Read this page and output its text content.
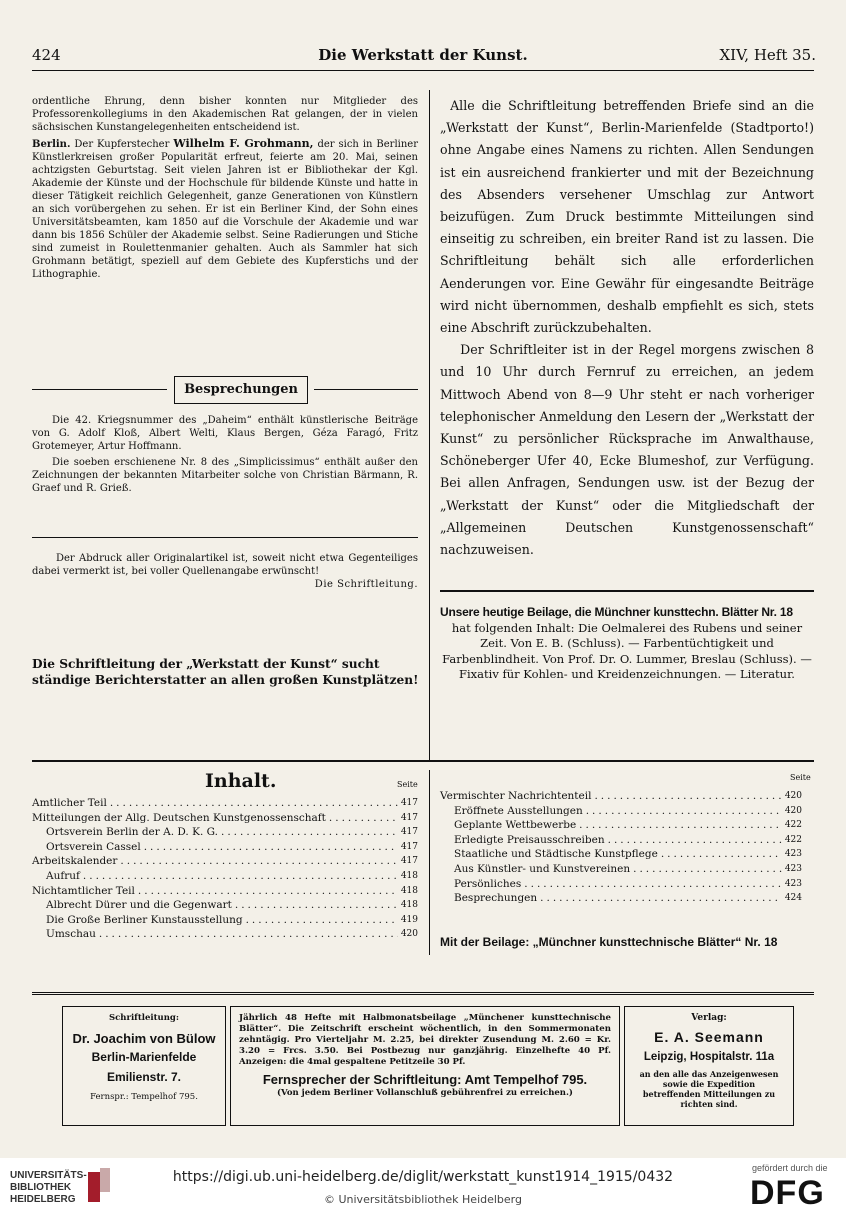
424	Die Werkstatt der Kunst.	XIV, Heft 35.

ordentliche Ehrung, denn bisher konnten nur Mitglieder des Professorenkollegiums in den Akademischen Rat gelangen, der in vielen sächsischen Kunstangelegenheiten entscheidend ist.

Berlin. Der Kupferstecher Wilhelm F. Grohmann, der sich in Berliner Künstlerkreisen großer Popularität erfreut, feierte am 20. Mai, seinen achtzigsten Geburtstag. Seit vielen Jahren ist er Bibliothekar der Kgl. Akademie der Künste und der Hochschule für bildende Künste und hatte in dieser Tätigkeit reichlich Gelegenheit, ganze Generationen von Künstlern an sich vorübergehen zu sehen. Er ist ein Berliner Kind, der Sohn eines Universitätsbeamten, kam 1850 auf die Vorschule der Akademie und war dann bis 1856 Schüler der Akademie selbst. Seine Radierungen und Stiche sind zumeist in Roulettenmanier gehalten. Auch als Sammler hat sich Grohmann betätigt, speziell auf dem Gebiete des Kupferstichs und der Lithographie.

Besprechungen

Die 42. Kriegsnummer des „Daheim“ enthält künstlerische Beiträge von G. Adolf Kloß, Albert Welti, Klaus Bergen, Géza Faragó, Fritz Grotemeyer, Artur Hoffmann.

Die soeben erschienene Nr. 8 des „Simplicissimus“ enthält außer den Zeichnungen der bekannten Mitarbeiter solche von Christian Bärmann, R. Graef und R. Grieß.

Der Abdruck aller Originalartikel ist, soweit nicht etwa Gegenteiliges dabei vermerkt ist, bei voller Quellenangabe erwünscht!
Die Schriftleitung.
Die Schriftleitung der „Werkstatt der Kunst“ sucht ständige Berichterstatter an allen großen Kunstplätzen!

Alle die Schriftleitung betreffenden Briefe sind an die „Werkstatt der Kunst“, Berlin-Marienfelde (Stadtporto!) ohne Angabe eines Namens zu richten. Allen Sendungen ist ein ausreichend frankierter und mit der Bezeichnung des Absenders versehener Umschlag zur Antwort beizufügen. Zum Druck bestimmte Mitteilungen sind einseitig zu schreiben, ein breiter Rand ist zu lassen. Die Schriftleitung behält sich alle erforderlichen Aenderungen vor. Eine Gewähr für eingesandte Beiträge wird nicht übernommen, deshalb empfiehlt es sich, stets eine Abschrift zurückzubehalten.

Der Schriftleiter ist in der Regel morgens zwischen 8 und 10 Uhr durch Fernruf zu erreichen, an jedem Mittwoch Abend von 8—9 Uhr steht er nach vorheriger telephonischer Anmeldung den Lesern der „Werkstatt der Kunst“ zu persönlicher Rücksprache im Anwalthause, Schöneberger Ufer 40, Ecke Blumeshof, zur Verfügung. Bei allen Anfragen, Sendungen usw. ist der Bezug der „Werkstatt der Kunst“ oder die Mitgliedschaft der „Allgemeinen Deutschen Kunstgenossenschaft“ nachzuweisen.

Unsere heutige Beilage, die Münchner kunsttechn. Blätter Nr. 18
hat folgenden Inhalt: Die Oelmalerei des Rubens und seiner Zeit. Von E. B. (Schluss). — Farbentüchtigkeit und Farbenblindheit. Von Prof. Dr. O. Lummer, Breslau (Schluss). — Fixativ für Kohlen- und Kreidenzeichnungen. — Literatur.
Inhalt.	Seite
Seite
Amtlicher Teil .....	417
Mitteilungen der Allg. Deutschen Kunstgenossenschaft .....	417
Ortsverein Berlin der A. D. K. G. .....	417
Ortsverein Cassel .....	417
Arbeitskalender .....	417
Aufruf .....	418
Nichtamtlicher Teil .....	418
Albrecht Dürer und die Gegenwart .....	418
Die Große Berliner Kunstausstellung .....	419
Umschau .....	420
Vermischter Nachrichtenteil .....	420
Eröffnete Ausstellungen .....	420
Geplante Wettbewerbe .....	422
Erledigte Preisausschreiben .....	422
Staatliche und Städtische Kunstpflege .....	423
Aus Künstler- und Kunstvereinen .....	423
Persönliches .....	423
Besprechungen .....	424
Mit der Beilage: „Münchner kunsttechnische Blätter“ Nr. 18
Schriftleitung:
Dr. Joachim von Bülow
Berlin-Marienfelde
Emilienstr. 7.
Fernspr.: Tempelhof 795.
Jährlich 48 Hefte mit Halbmonatsbeilage „Münchener kunsttechnische Blätter“. Die Zeitschrift erscheint wöchentlich, in den Sommermonaten zehntägig. Pro Vierteljahr M. 2.25, bei direkter Zusendung M. 2.60 = Kr. 3.20 = Frcs. 3.50. Bei Postbezug nur ganzjährig. Einzelhefte 40 Pf. Anzeigen: die 4mal gespaltene Petitzeile 30 Pf.
Fernsprecher der Schriftleitung: Amt Tempelhof 795.
(Von jedem Berliner Vollanschluß gebührenfrei zu erreichen.)
Verlag:
E. A. Seemann
Leipzig, Hospitalstr. 11a
an den alle das Anzeigenwesen sowie die Expedition betreffenden Mitteilungen zu richten sind.
UNIVERSITÄTS-
BIBLIOTHEK
HEIDELBERG
https://digi.ub.uni-heidelberg.de/diglit/werkstatt_kunst1914_1915/0432
© Universitätsbibliothek Heidelberg
gefördert durch die
DFG
